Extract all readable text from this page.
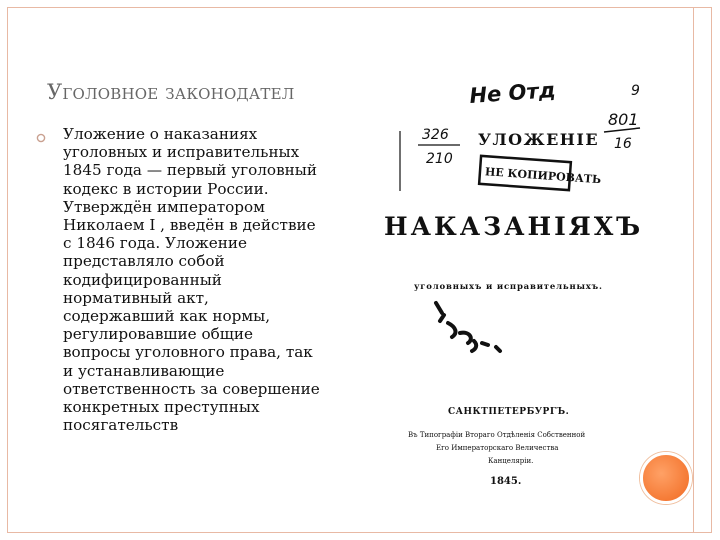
Уголовное законодател
Уложение о наказаниях уголовных и исправительных 1845 года — первый уголовный кодекс в истории России. Утверждён императором Николаем I , введён в действие с 1846 года. Уложение представляло собой кодифицированный нормативный акт, содержавший как нормы, регулировавшие общие вопросы уголовного права, так и устанавливающие ответственность за совершение конкретных преступных посягательств
Не Отд	9
801
16
326
210
УЛОЖЕНІЕ
НЕ КОПИРОВАТЬ
НАКАЗАНІЯХЪ
уголовныхъ и исправительныхъ.
САНКТПЕТЕРБУРГЪ.
Въ Типографіи Втораго Отдѣленія Собственной
Его Императорскаго Величества
Канцеляріи.
1845.
